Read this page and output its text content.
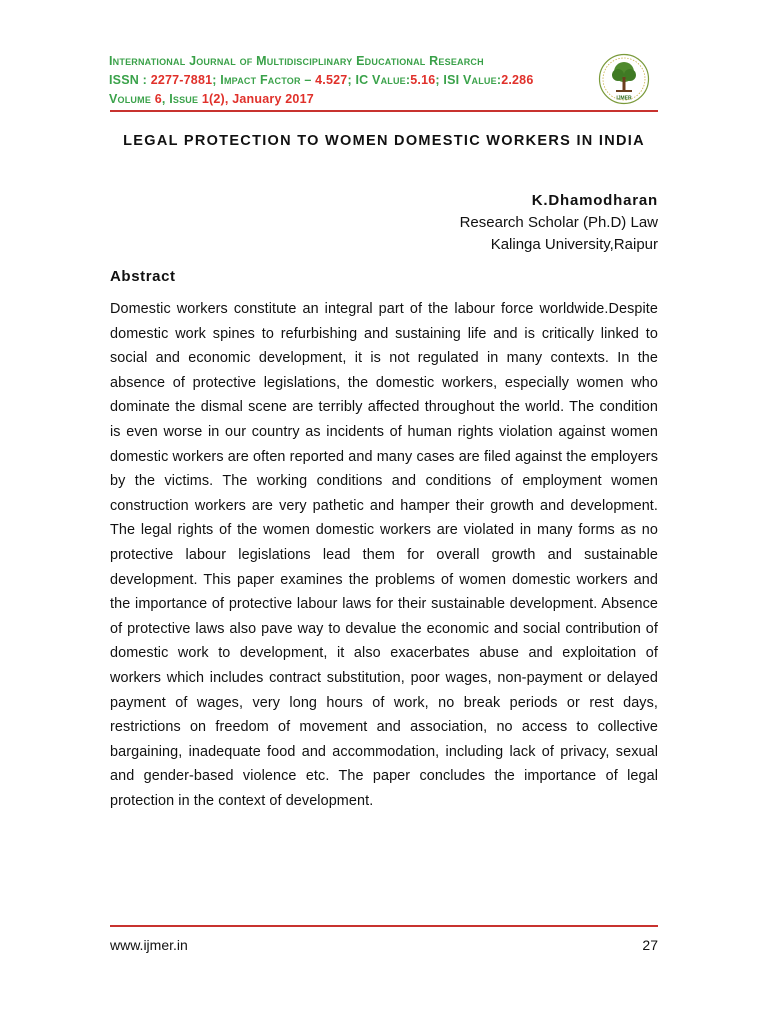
International Journal of Multidisciplinary Educational Research
ISSN : 2277-7881; Impact Factor – 4.527; IC Value:5.16; ISI Value:2.286
Volume 6, Issue 1(2), January 2017	IJMER
LEGAL PROTECTION TO WOMEN DOMESTIC WORKERS IN INDIA
K.Dhamodharan
Research Scholar (Ph.D) Law
Kalinga University,Raipur
Abstract
Domestic workers constitute an integral part of the labour force worldwide.Despite domestic work spines to refurbishing and sustaining life and is critically linked to social and economic development, it is not regulated in many contexts. In the absence of protective legislations, the domestic workers, especially women who dominate the dismal scene are terribly affected throughout the world. The condition is even worse in our country as incidents of human rights violation against women domestic workers are often reported and many cases are filed against the employers by the victims. The working conditions and conditions of employment women construction workers are very pathetic and hamper their growth and development. The legal rights of the women domestic workers are violated in many forms as no protective labour legislations lead them for overall growth and sustainable development. This paper examines the problems of women domestic workers and the importance of protective labour laws for their sustainable development. Absence of protective laws also pave way to devalue the economic and social contribution of domestic work to development, it also exacerbates abuse and exploitation of workers which includes contract substitution, poor wages, non-payment or delayed payment of wages, very long hours of work, no break periods or rest days, restrictions on freedom of movement and association, no access to collective bargaining, inadequate food and accommodation, including lack of privacy, sexual and gender-based violence etc. The paper concludes the importance of legal protection in the context of development.
www.ijmer.in	27
